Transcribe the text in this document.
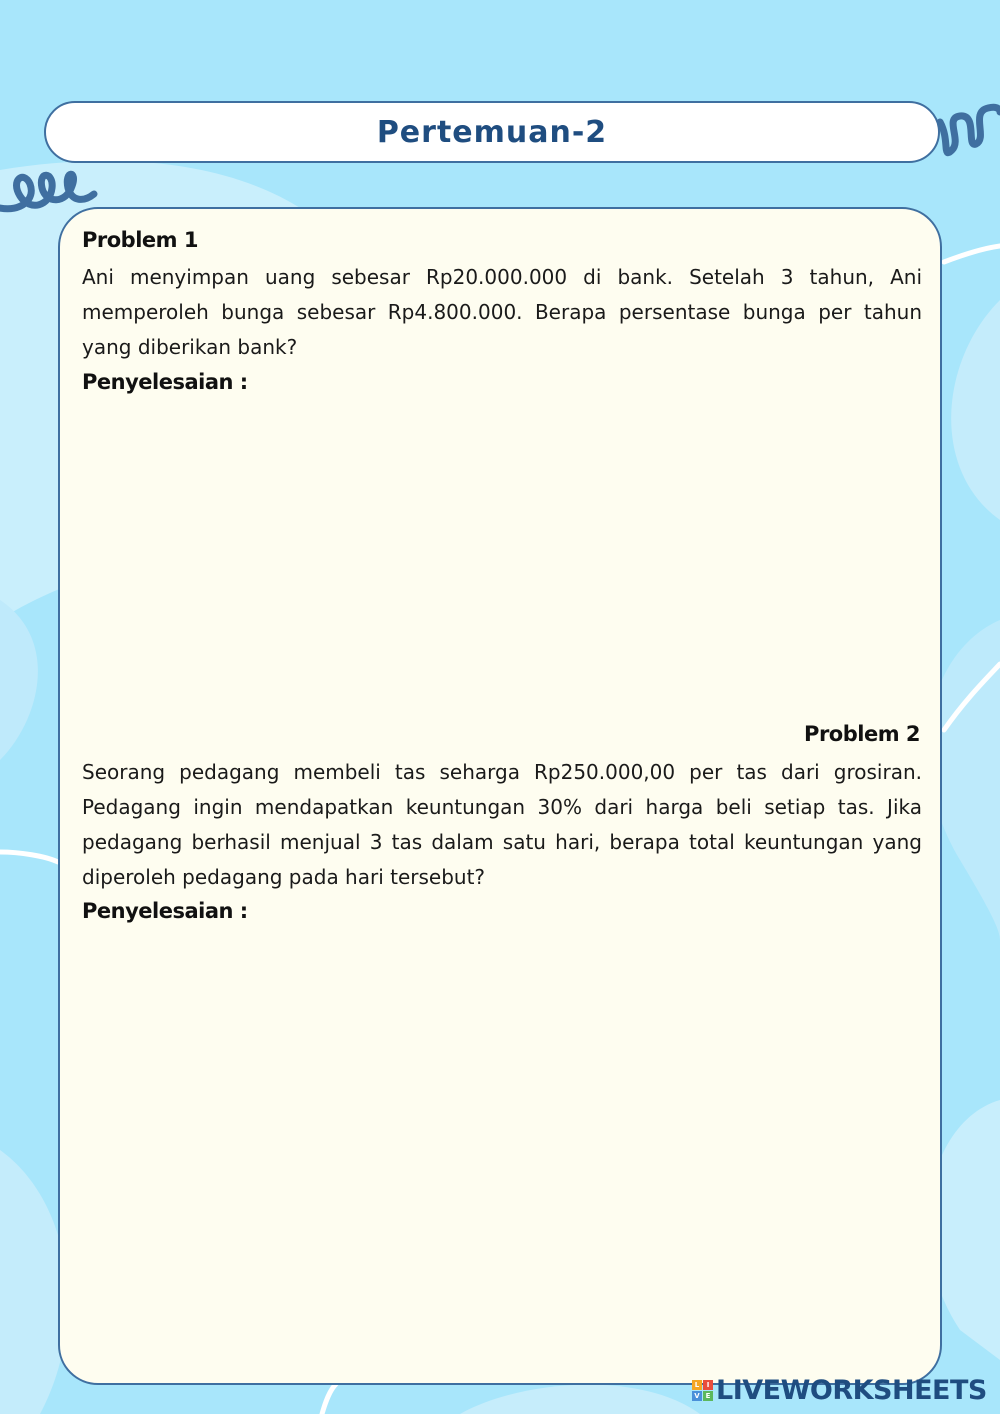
Pertemuan-2
Problem 1

Ani menyimpan uang sebesar Rp20.000.000 di bank. Setelah 3 tahun, Ani memperoleh bunga sebesar Rp4.800.000. Berapa persentase bunga per tahun yang diberikan bank?

Penyelesaian :
Problem 2

Seorang pedagang membeli tas seharga Rp250.000,00 per tas dari grosiran. Pedagang ingin mendapatkan keuntungan 30% dari harga beli setiap tas. Jika pedagang berhasil menjual 3 tas dalam satu hari, berapa total keuntungan yang diperoleh pedagang pada hari tersebut?

Penyelesaian :
L	I
V E LIVEWORKSHEETS
